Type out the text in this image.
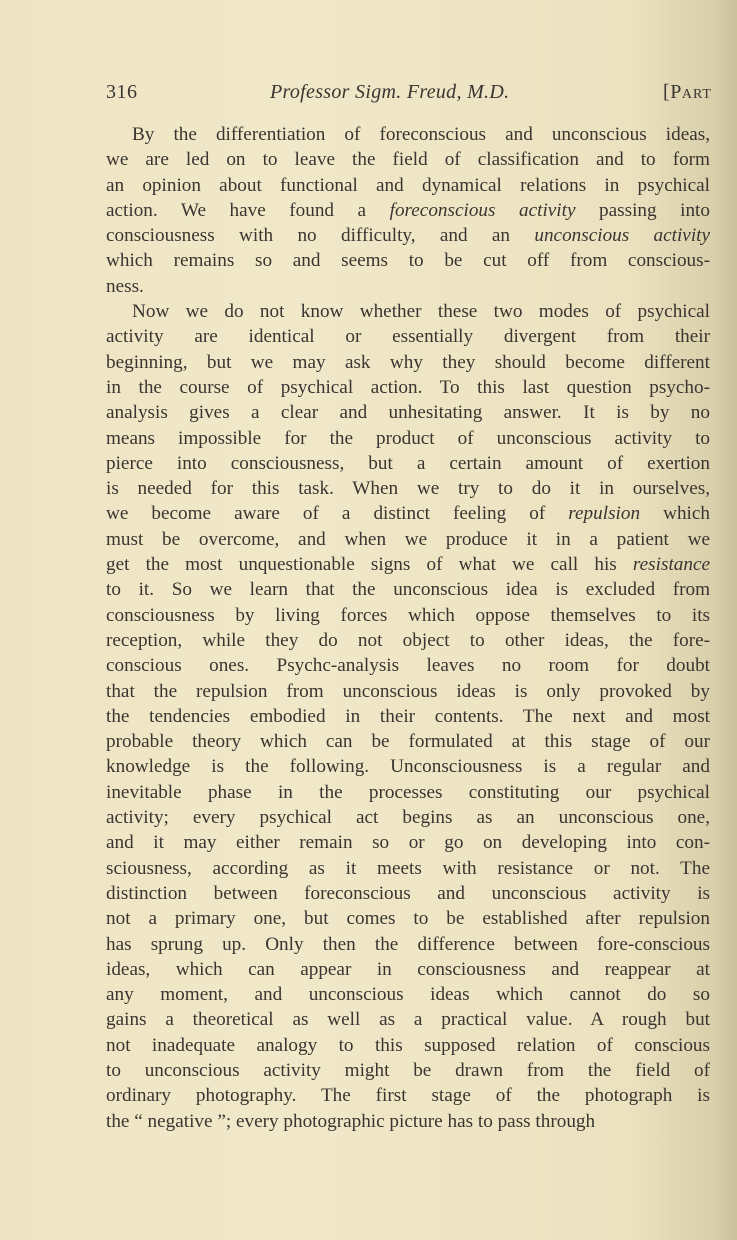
316	Professor Sigm. Freud, M.D.	[PART
By the differentiation of foreconscious and unconscious ideas,
we are led on to leave the field of classification and to form
an opinion about functional and dynamical relations in psychical
action. We have found a foreconscious activity passing into
consciousness with no difficulty, and an unconscious activity
which remains so and seems to be cut off from conscious-
ness.
Now we do not know whether these two modes of psychical
activity are identical or essentially divergent from their
beginning, but we may ask why they should become different
in the course of psychical action. To this last question psycho-
analysis gives a clear and unhesitating answer. It is by no
means impossible for the product of unconscious activity to
pierce into consciousness, but a certain amount of exertion
is needed for this task. When we try to do it in ourselves,
we become aware of a distinct feeling of repulsion which
must be overcome, and when we produce it in a patient we
get the most unquestionable signs of what we call his resistance
to it. So we learn that the unconscious idea is excluded from
consciousness by living forces which oppose themselves to its
reception, while they do not object to other ideas, the fore-
conscious ones. Psychc-analysis leaves no room for doubt
that the repulsion from unconscious ideas is only provoked by
the tendencies embodied in their contents. The next and most
probable theory which can be formulated at this stage of our
knowledge is the following. Unconsciousness is a regular and
inevitable phase in the processes constituting our psychical
activity; every psychical act begins as an unconscious one,
and it may either remain so or go on developing into con-
sciousness, according as it meets with resistance or not. The
distinction between foreconscious and unconscious activity is
not a primary one, but comes to be established after repulsion
has sprung up. Only then the difference between fore-conscious
ideas, which can appear in consciousness and reappear at
any moment, and unconscious ideas which cannot do so
gains a theoretical as well as a practical value. A rough but
not inadequate analogy to this supposed relation of conscious
to unconscious activity might be drawn from the field of
ordinary photography. The first stage of the photograph is
the “ negative ”; every photographic picture has to pass through
